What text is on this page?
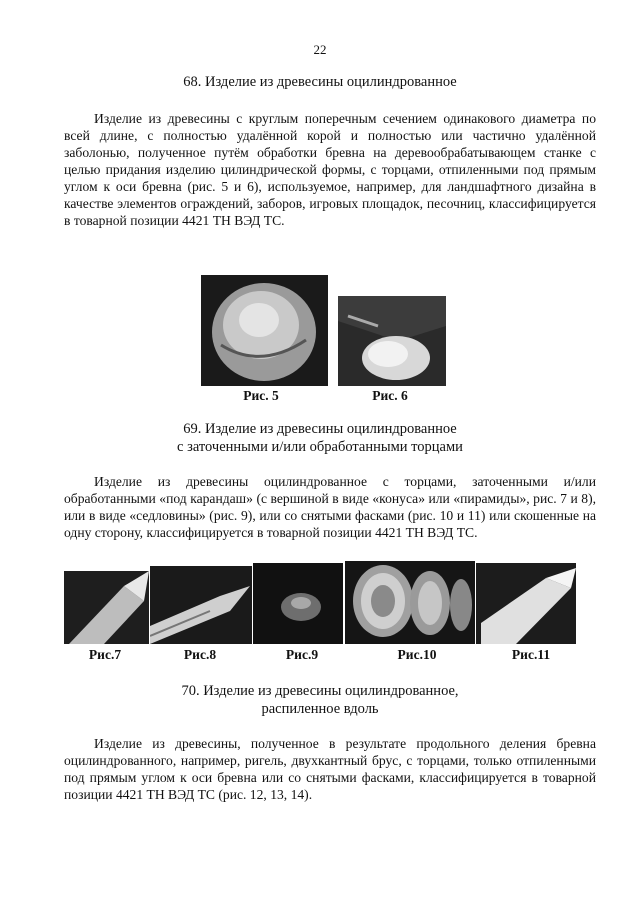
22
68. Изделие из древесины оцилиндрованное
Изделие из древесины с круглым поперечным сечением одинакового диаметра по всей длине, с полностью удалённой корой и полностью или частично удалённой заболонью, полученное путём обработки бревна на деревообрабатывающем станке с целью придания изделию цилиндрической формы, с торцами, отпиленными под прямым углом к оси бревна (рис. 5 и 6), используемое, например, для ландшафтного дизайна в качестве элементов ограждений, заборов, игровых площадок, песочниц, классифицируется в товарной позиции 4421 ТН ВЭД ТС.
Рис. 5	Рис. 6
69. Изделие из древесины оцилиндрованное
с заточенными и/или обработанными торцами
Изделие из древесины оцилиндрованное с торцами, заточенными и/или обработанными «под карандаш» (с вершиной в виде «конуса» или «пирамиды», рис. 7 и 8), или в виде «седловины» (рис. 9), или со снятыми фасками (рис. 10 и 11) или скошенные на одну сторону, классифицируется в товарной позиции 4421 ТН ВЭД ТС.
Рис.7	Рис.8	Рис.9	Рис.10	Рис.11
70. Изделие из древесины оцилиндрованное,
распиленное вдоль
Изделие из древесины, полученное в результате продольного деления бревна оцилиндрованного, например, ригель, двухкантный брус, с торцами, только отпиленными под прямым углом к оси бревна или со снятыми фасками, классифицируется в товарной позиции 4421 ТН ВЭД ТС (рис. 12, 13, 14).
